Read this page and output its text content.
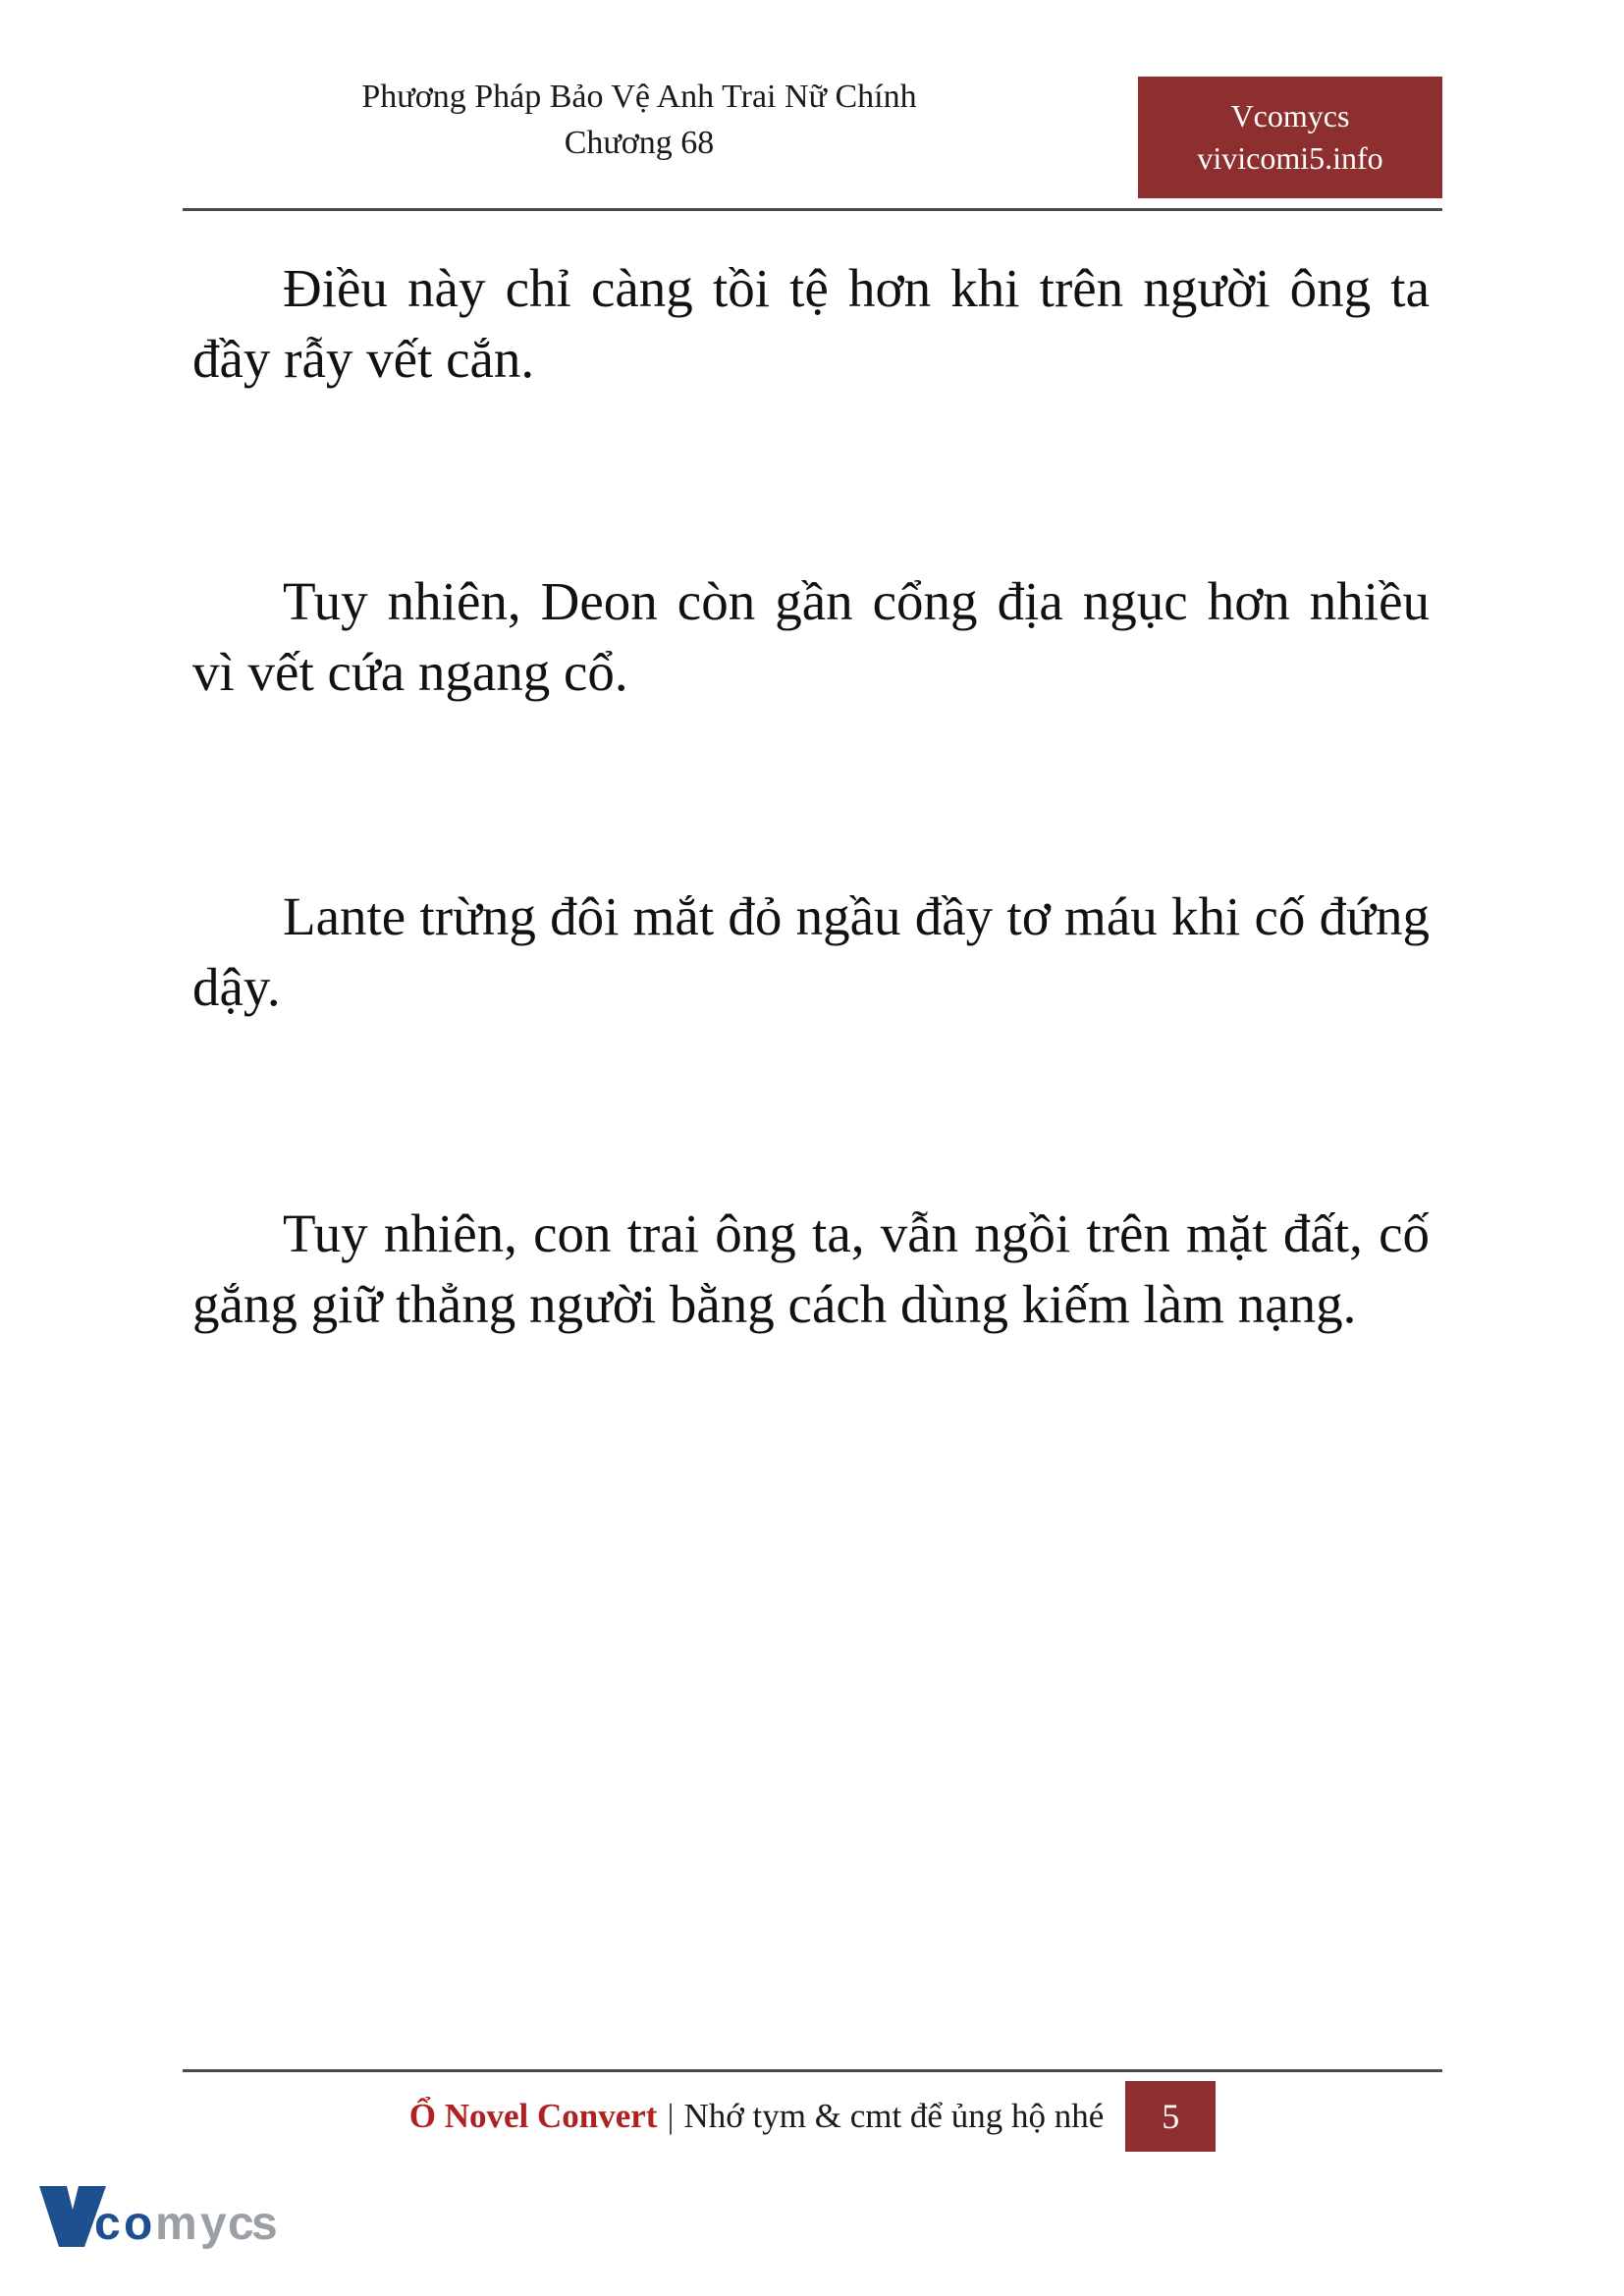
Phương Pháp Bảo Vệ Anh Trai Nữ Chính
Chương 68
Vcomycs
vivicomi5.info

Điều này chỉ càng tồi tệ hơn khi trên người ông ta đầy rẫy vết cắn.

Tuy nhiên, Deon còn gần cổng địa ngục hơn nhiều vì vết cứa ngang cổ.

Lante trừng đôi mắt đỏ ngầu đầy tơ máu khi cố đứng dậy.

Tuy nhiên, con trai ông ta, vẫn ngồi trên mặt đất, cố gắng giữ thẳng người bằng cách dùng kiếm làm nạng.

Ổ Novel Convert | Nhớ tym & cmt để ủng hộ nhé	5
c o m y c
s
